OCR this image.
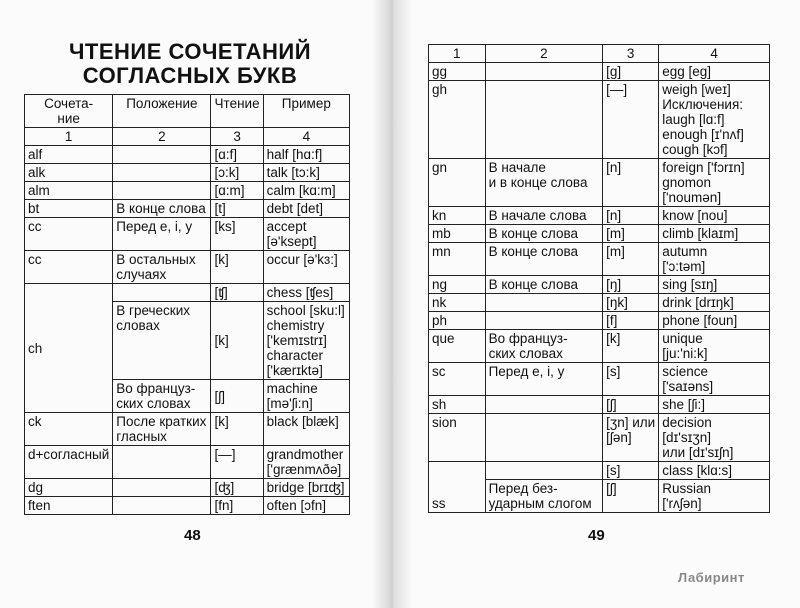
ЧТЕНИЕ СОЧЕТАНИЙ
СОГЛАСНЫХ БУКВ
Сочета-
ние	Положение	Чтение	Пример
1	2	3	4
alf		[ɑ:f]	half [hɑ:f]

alk		[ɔ:k]	talk [tɔ:k]

alm		[ɑ:m]	calm [kɑ:m]

bt	В конце слова	[t]	debt [det]

cc	Перед e, i, y	[ks]	accept
[ə'ksept]

cc	В остальных
случаях	[k]	occur [ə'kɜ:]

ch		[ʧ]	chess [ʧes]

	В греческих
словах	[k]	school [sku:l]
chemistry
['kemɪstrɪ]
character
['kærɪktə]

	Во француз-
ских словах	[ʃ]	machine
[mə'ʃi:n]

ck	После кратких
гласных	[k]	black [blæk]

d+согласный		[—]	grandmother
['grænmʌðə]

dg		[ʤ]	bridge [brɪʤ]

ften		[fn]	often [ɔfn]
1	2	3	4
gg		[g]	egg [eg]

gh		[—]	weigh [weɪ]
Исключения:
laugh [lɑ:f]
enough [ɪ'nʌf]
cough [kɔf]

gn	В начале
и в конце слова	[n]	foreign ['fɔrɪn]
gnomon
['noumən]

kn	В начале слова	[n]	know [nou]

mb	В конце слова	[m]	climb [klaɪm]

mn	В конце слова	[m]	autumn
['ɔ:təm]

ng	В конце слова	[ŋ]	sing [sɪŋ]

nk		[ŋk]	drink [drɪŋk]

ph		[f]	phone [foun]

que	Во француз-
ских словах	[k]	unique
[ju:'ni:k]

sc	Перед e, i, y	[s]	science
['saɪəns]

sh		[ʃ]	she [ʃi:]

sion		[ʒn] или
[ʃən]	decision
[dɪ'sɪʒn]
или [dɪ'sɪʃn]

ss		[s]	class [klɑ:s]

	Перед без-
ударным слогом	[ʃ]	Russian
['rʌʃən]
48	49
Лабиринт
